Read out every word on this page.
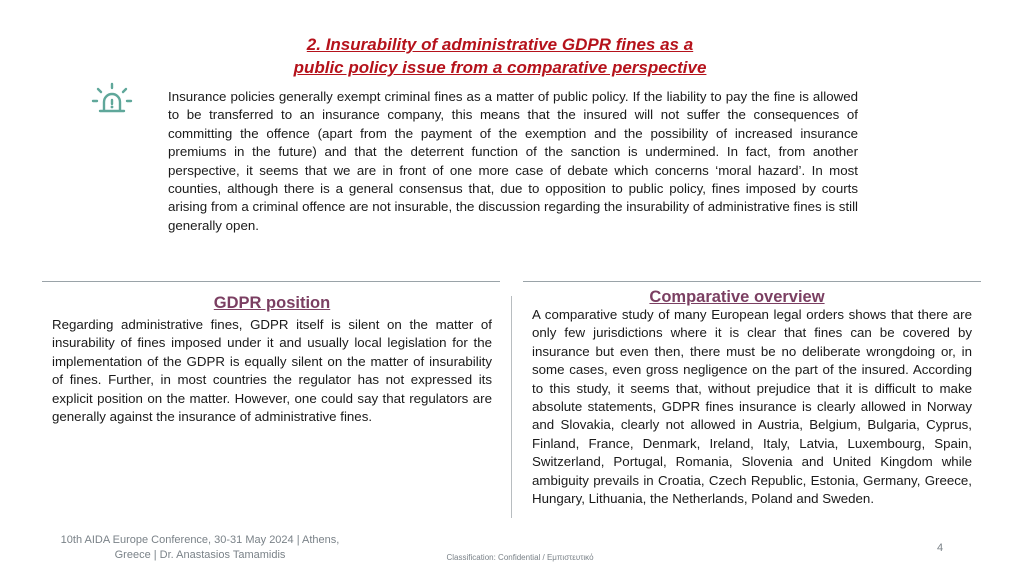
2. Insurability of administrative GDPR fines as a
public policy issue from a comparative perspective
Insurance policies generally exempt criminal fines as a matter of public policy. If the liability to pay the fine is allowed to be transferred to an insurance company, this means that the insured will not suffer the consequences of committing the offence (apart from the payment of the exemption and the possibility of increased insurance premiums in the future) and that the deterrent function of the sanction is undermined. In fact, from another perspective, it seems that we are in front of one more case of debate which concerns ‘moral hazard’. In most counties, although there is a general consensus that, due to opposition to public policy, fines imposed by courts arising from a criminal offence are not insurable, the discussion regarding the insurability of administrative fines is still generally open.
GDPR position
Regarding administrative fines, GDPR itself is silent on the matter of insurability of fines imposed under it and usually local legislation for the implementation of the GDPR is equally silent on the matter of insurability of fines. Further, in most countries the regulator has not expressed its explicit position on the matter. However, one could say that regulators are generally against the insurance of administrative fines.
Comparative overview
A comparative study of many European legal orders shows that there are only few jurisdictions where it is clear that fines can be covered by insurance but even then, there must be no deliberate wrongdoing or, in some cases, even gross negligence on the part of the insured. According to this study, it seems that, without prejudice that it is difficult to make absolute statements, GDPR fines insurance is clearly allowed in Norway and Slovakia, clearly not allowed in Austria, Belgium, Bulgaria, Cyprus, Finland, France, Denmark, Ireland, Italy, Latvia, Luxembourg, Spain, Switzerland, Portugal, Romania, Slovenia and United Kingdom while ambiguity prevails in Croatia, Czech Republic, Estonia, Germany, Greece, Hungary, Lithuania, the Netherlands, Poland and Sweden.
10th AIDA Europe Conference, 30-31 May 2024 | Athens,
Greece | Dr. Anastasios Tamamidis	Classification: Confidential / Εμπιστευτικό
4
